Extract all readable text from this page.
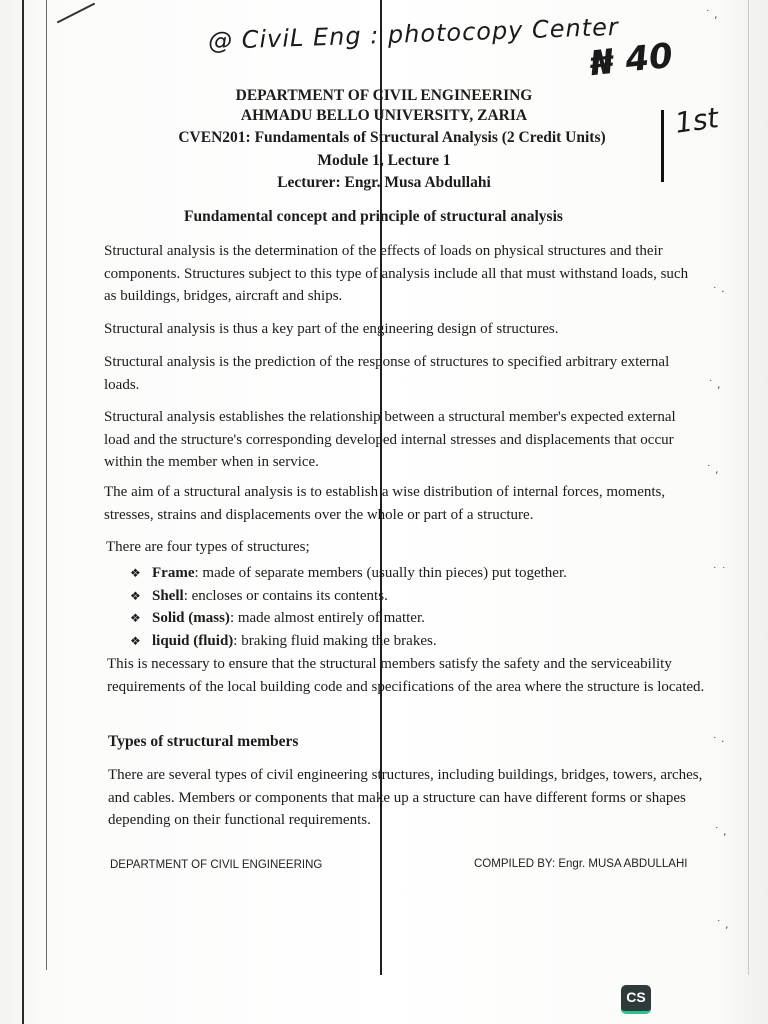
@ CiviL Eng : photocopy Center
₦ 40
1st
DEPARTMENT OF CIVIL ENGINEERING
AHMADU BELLO UNIVERSITY, ZARIA
CVEN201: Fundamentals of Structural Analysis (2 Credit Units)
Module 1, Lecture 1
Lecturer: Engr. Musa Abdullahi
Fundamental concept and principle of structural analysis
Structural analysis is the determination of the effects of loads on physical structures and their components. Structures subject to this type of analysis include all that must withstand loads, such as buildings, bridges, aircraft and ships.
Structural analysis is thus a key part of the engineering design of structures.
Structural analysis is the prediction of the response of structures to specified arbitrary external loads.
Structural analysis establishes the relationship between a structural member's expected external load and the structure's corresponding developed internal stresses and displacements that occur within the member when in service.
The aim of a structural analysis is to establish a wise distribution of internal forces, moments, stresses, strains and displacements over the whole or part of a structure.
There are four types of structures;
❖ Frame: made of separate members (usually thin pieces) put together.
❖ Shell: encloses or contains its contents.
❖ Solid (mass): made almost entirely of matter.
❖ liquid (fluid): braking fluid making the brakes.
This is necessary to ensure that the structural members satisfy the safety and the serviceability requirements of the local building code and specifications of the area where the structure is located.
Types of structural members
There are several types of civil engineering structures, including buildings, bridges, towers, arches, and cables. Members or components that make up a structure can have different forms or shapes depending on their functional requirements.
DEPARTMENT OF CIVIL ENGINEERING	COMPILED BY: Engr. MUSA ABDULLAHI
˙ ,
˙ ·
˙ ,
˙ ,
˙ ˙
˙ ·
˙ ,
˙ ,
CS
